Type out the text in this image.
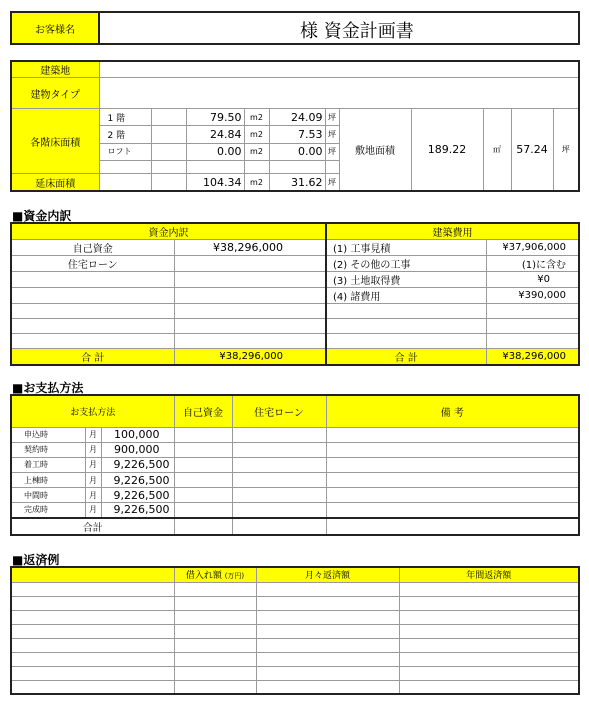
お客様名	様 資金計画書
建築地											
建物タイプ											
各階床面積	1 階		79.50	m2	24.09	坪	敷地面積	189.22	㎡	57.24	坪
	2 階		24.84	m2	7.53	坪					
	ロフト		0.00	m2	0.00	坪					

延床面積			104.34	m2	31.62	坪					
■資金内訳
資金内訳		建築費用	
自己資金	¥38,296,000	(1) 工事見積	¥37,906,000
住宅ローン		(2) その他の工事	(1)に含む
		(3) 土地取得費	¥0
		(4) 諸費用	¥390,000

合 計	¥38,296,000	合 計	¥38,296,000
■お支払方法
お支払方法			自己資金	住宅ローン	備 考
申込時	月	100,000			
契約時	月	900,000			
着工時	月	9,226,500			
上棟時	月	9,226,500			
中間時	月	9,226,500			
完成時	月	9,226,500			
合計					
■返済例
	借入れ額 (万円)	月々返済額	年間返済額
